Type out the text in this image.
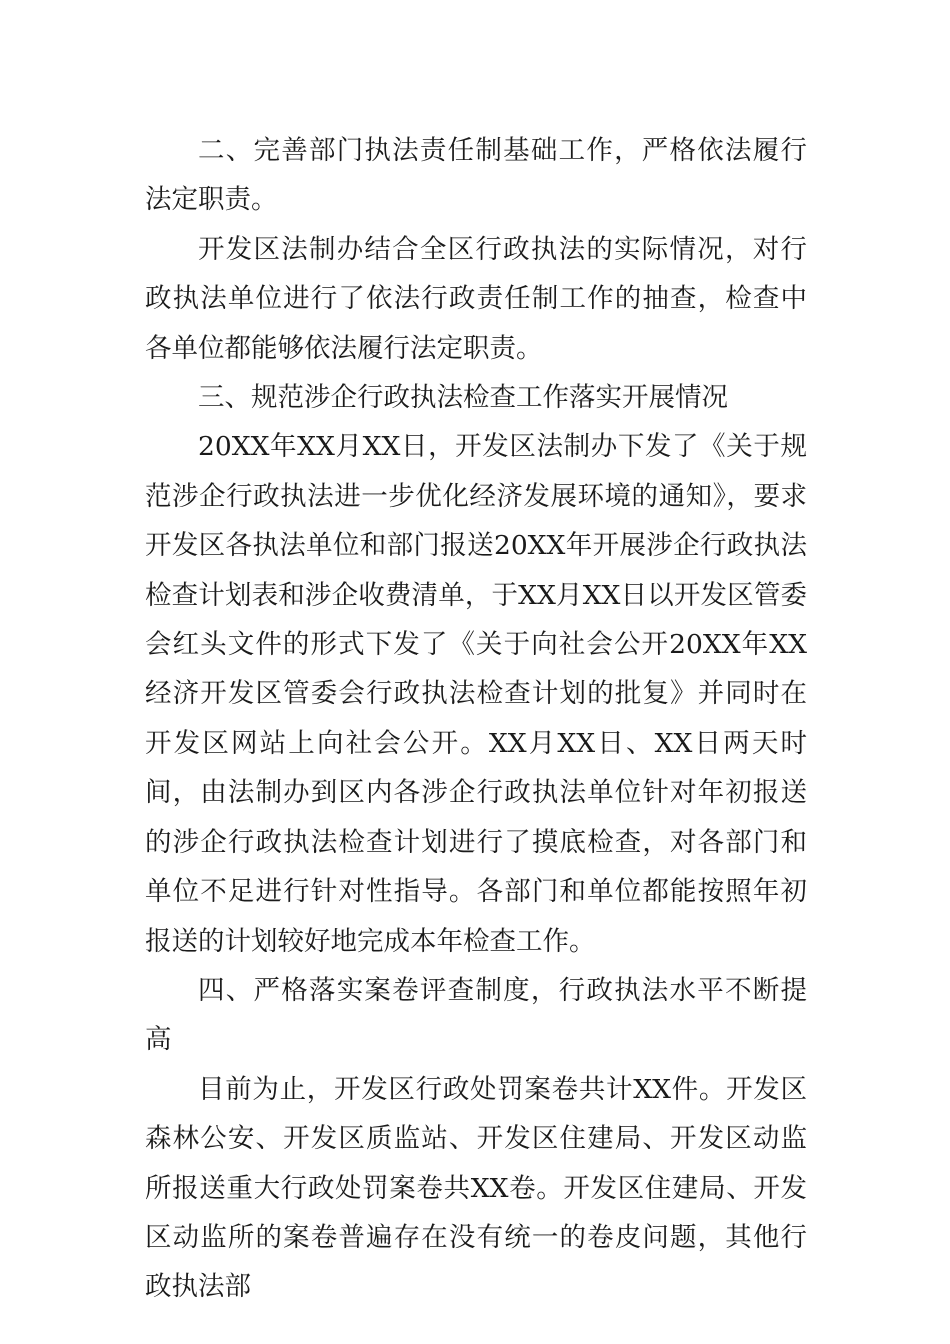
二、完善部门执法责任制基础工作，严格依法履行法定职责。

开发区法制办结合全区行政执法的实际情况，对行政执法单位进行了依法行政责任制工作的抽查，检查中各单位都能够依法履行法定职责。

三、规范涉企行政执法检查工作落实开展情况

20XX年XX月XX日，开发区法制办下发了《关于规范涉企行政执法进一步优化经济发展环境的通知》，要求开发区各执法单位和部门报送20XX年开展涉企行政执法检查计划表和涉企收费清单，于XX月XX日以开发区管委会红头文件的形式下发了《关于向社会公开20XX年XX经济开发区管委会行政执法检查计划的批复》并同时在开发区网站上向社会公开。XX月XX日、XX日两天时间，由法制办到区内各涉企行政执法单位针对年初报送的涉企行政执法检查计划进行了摸底检查，对各部门和单位不足进行针对性指导。各部门和单位都能按照年初报送的计划较好地完成本年检查工作。

四、严格落实案卷评查制度，行政执法水平不断提高

目前为止，开发区行政处罚案卷共计XX件。开发区森林公安、开发区质监站、开发区住建局、开发区动监所报送重大行政处罚案卷共XX卷。开发区住建局、开发区动监所的案卷普遍存在没有统一的卷皮问题，其他行政执法部
